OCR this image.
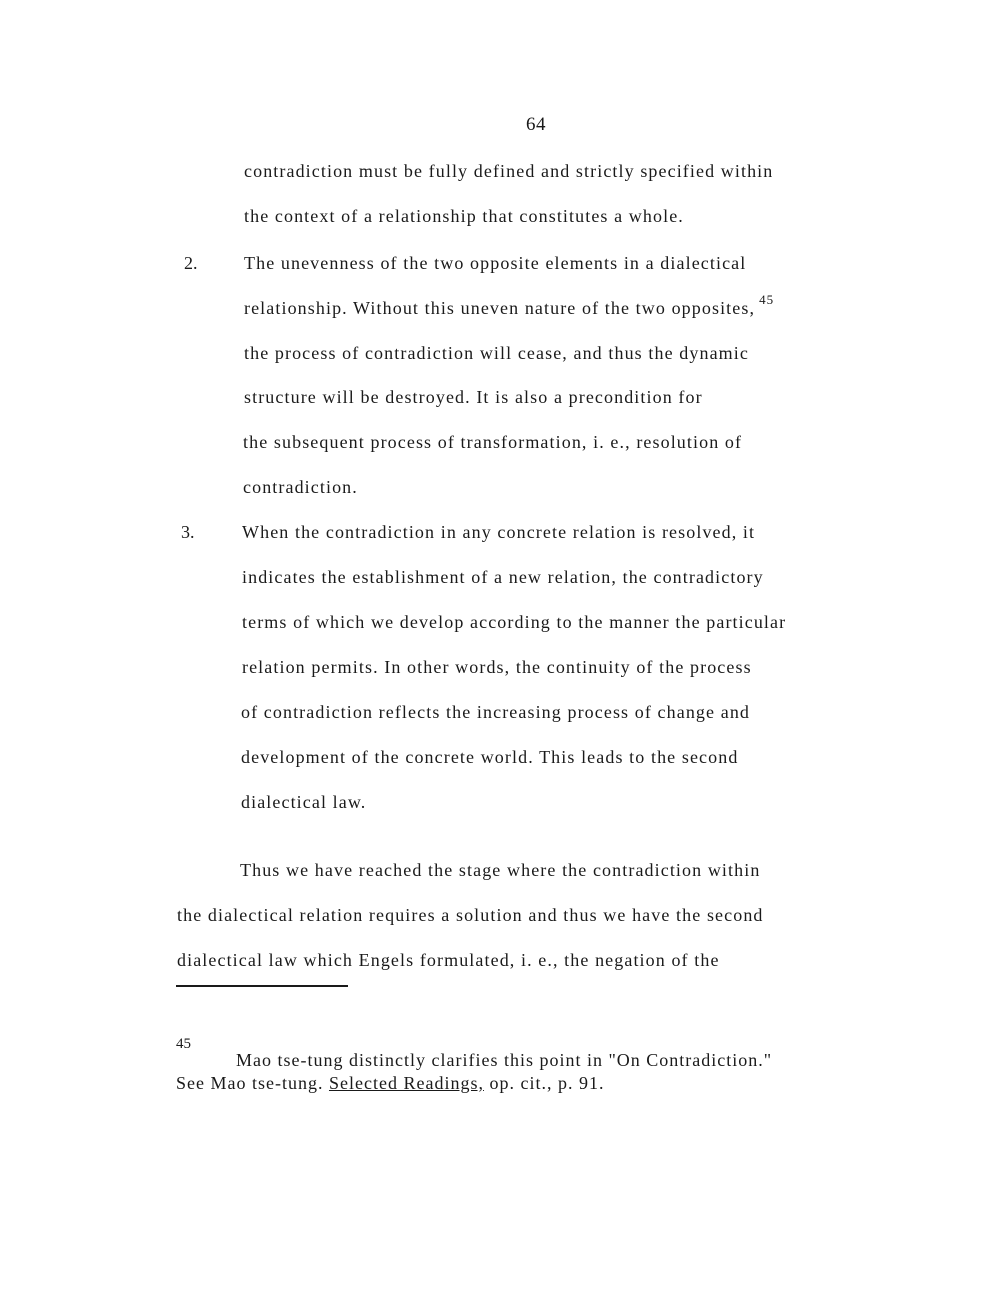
64
contradiction must be fully defined and strictly specified within
the context of a relationship that constitutes a whole.
2.	The unevenness of the two opposite elements in a dialectical
relationship. Without this uneven nature of the two opposites, $^{45}$
the process of contradiction will cease, and thus the dynamic
structure will be destroyed. It is also a precondition for
the subsequent process of transformation, i. e., resolution of
contradiction.
3.	When the contradiction in any concrete relation is resolved, it
indicates the establishment of a new relation, the contradictory
terms of which we develop according to the manner the particular
relation permits. In other words, the continuity of the process
of contradiction reflects the increasing process of change and
development of the concrete world. This leads to the second
dialectical law.
Thus we have reached the stage where the contradiction within
the dialectical relation requires a solution and thus we have the second
dialectical law which Engels formulated, i. e., the negation of the
45
Mao tse-tung distinctly clarifies this point in "On Contradiction."
See Mao tse-tung. Selected Readings, op. cit., p. 91.
